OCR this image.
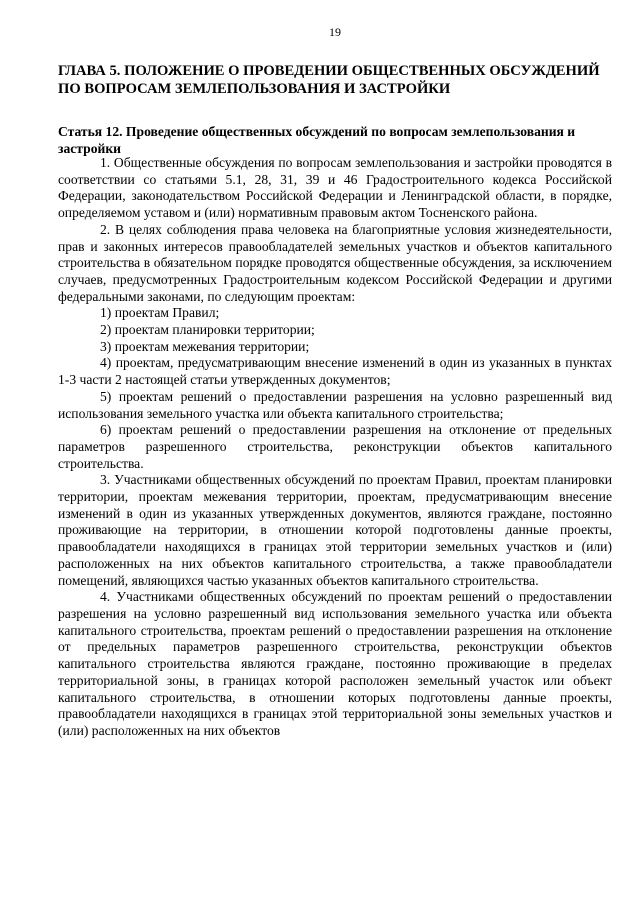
19
ГЛАВА 5. ПОЛОЖЕНИЕ О ПРОВЕДЕНИИ ОБЩЕСТВЕННЫХ ОБСУЖДЕНИЙ
ПО ВОПРОСАМ ЗЕМЛЕПОЛЬЗОВАНИЯ И ЗАСТРОЙКИ
Статья 12. Проведение общественных обсуждений по вопросам землепользования и застройки

1. Общественные обсуждения по вопросам землепользования и застройки проводятся в соответствии со статьями 5.1, 28, 31, 39 и 46 Градостроительного кодекса Российской Федерации, законодательством Российской Федерации и Ленинградской области, в порядке, определяемом уставом и (или) нормативным правовым актом Тосненского района.

2. В целях соблюдения права человека на благоприятные условия жизнедеятельности, прав и законных интересов правообладателей земельных участков и объектов капитального строительства в обязательном порядке проводятся общественные обсуждения, за исключением случаев, предусмотренных Градостроительным кодексом Российской Федерации и другими федеральными законами, по следующим проектам:

1) проектам Правил;

2) проектам планировки территории;

3) проектам межевания территории;

4) проектам, предусматривающим внесение изменений в один из указанных в пунктах 1-3 части 2 настоящей статьи утвержденных документов;

5) проектам решений о предоставлении разрешения на условно разрешенный вид использования земельного участка или объекта капитального строительства;

6) проектам решений о предоставлении разрешения на отклонение от предельных параметров разрешенного строительства, реконструкции объектов капитального строительства.

3. Участниками общественных обсуждений по проектам Правил, проектам планировки территории, проектам межевания территории, проектам, предусматривающим внесение изменений в один из указанных утвержденных документов, являются граждане, постоянно проживающие на территории, в отношении которой подготовлены данные проекты, правообладатели находящихся в границах этой территории земельных участков и (или) расположенных на них объектов капитального строительства, а также правообладатели помещений, являющихся частью указанных объектов капитального строительства.

4. Участниками общественных обсуждений по проектам решений о предоставлении разрешения на условно разрешенный вид использования земельного участка или объекта капитального строительства, проектам решений о предоставлении разрешения на отклонение от предельных параметров разрешенного строительства, реконструкции объектов капитального строительства являются граждане, постоянно проживающие в пределах территориальной зоны, в границах которой расположен земельный участок или объект капитального строительства, в отношении которых подготовлены данные проекты, правообладатели находящихся в границах этой территориальной зоны земельных участков и (или) расположенных на них объектов
